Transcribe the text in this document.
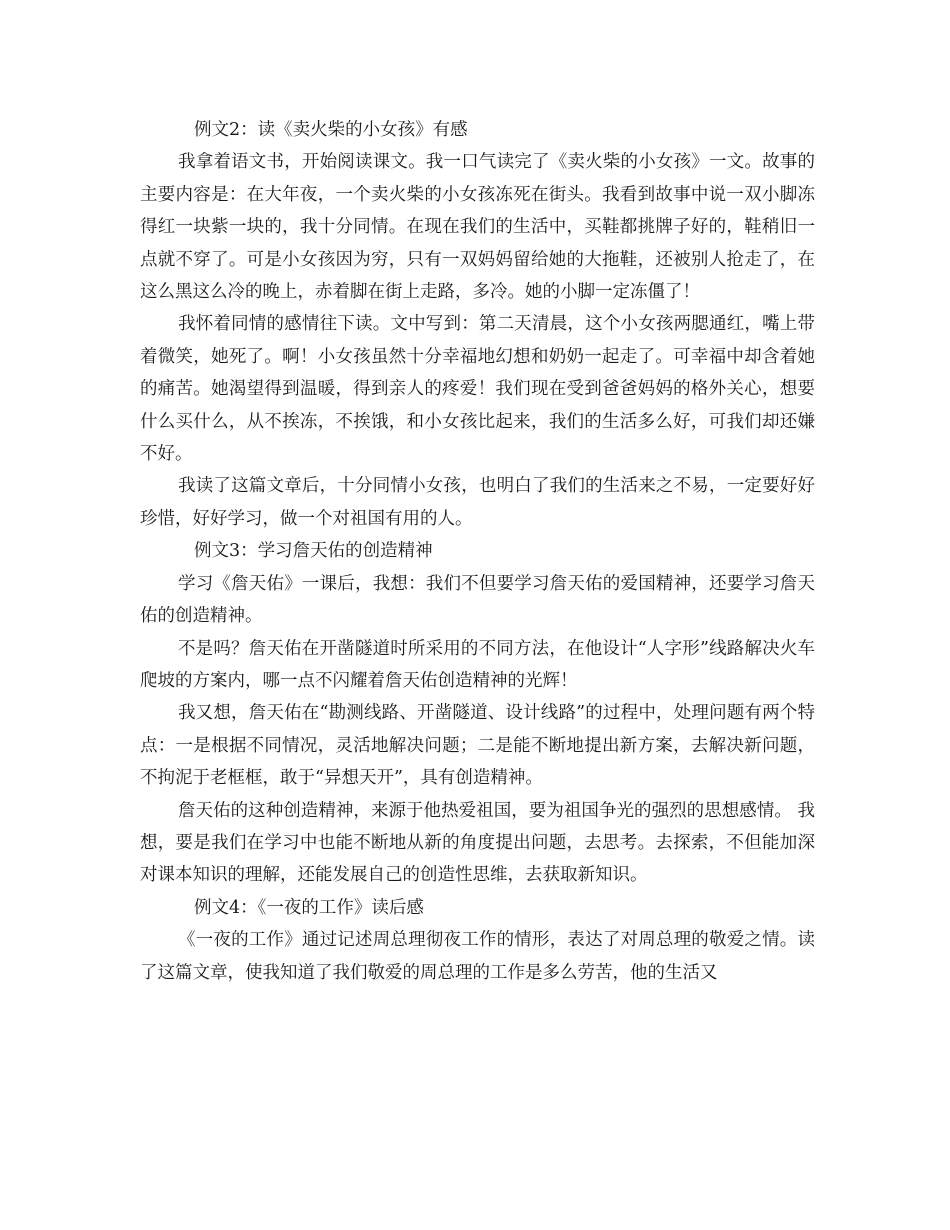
例文2：读《卖火柴的小女孩》有感

我拿着语文书，开始阅读课文。我一口气读完了《卖火柴的小女孩》一文。故事的主要内容是：在大年夜，一个卖火柴的小女孩冻死在街头。我看到故事中说一双小脚冻得红一块紫一块的，我十分同情。在现在我们的生活中，买鞋都挑牌子好的，鞋稍旧一点就不穿了。可是小女孩因为穷，只有一双妈妈留给她的大拖鞋，还被别人抢走了，在这么黑这么冷的晚上，赤着脚在街上走路，多冷。她的小脚一定冻僵了！

我怀着同情的感情往下读。文中写到：第二天清晨，这个小女孩两腮通红，嘴上带着微笑，她死了。啊！小女孩虽然十分幸福地幻想和奶奶一起走了。可幸福中却含着她的痛苦。她渴望得到温暖，得到亲人的疼爱！我们现在受到爸爸妈妈的格外关心，想要什么买什么，从不挨冻，不挨饿，和小女孩比起来，我们的生活多么好，可我们却还嫌不好。

我读了这篇文章后，十分同情小女孩，也明白了我们的生活来之不易，一定要好好珍惜，好好学习，做一个对祖国有用的人。

例文3：学习詹天佑的创造精神

学习《詹天佑》一课后，我想：我们不但要学习詹天佑的爱国精神，还要学习詹天佑的创造精神。

不是吗？詹天佑在开凿隧道时所采用的不同方法，在他设计“人字形”线路解决火车爬坡的方案内，哪一点不闪耀着詹天佑创造精神的光辉！

我又想，詹天佑在“勘测线路、开凿隧道、设计线路”的过程中，处理问题有两个特点：一是根据不同情况，灵活地解决问题；二是能不断地提出新方案，去解决新问题，不拘泥于老框框，敢于“异想天开”，具有创造精神。

詹天佑的这种创造精神，来源于他热爱祖国，要为祖国争光的强烈的思想感情。 我想，要是我们在学习中也能不断地从新的角度提出问题，去思考。去探索，不但能加深对课本知识的理解，还能发展自己的创造性思维，去获取新知识。

例文4：《一夜的工作》读后感

《一夜的工作》通过记述周总理彻夜工作的情形，表达了对周总理的敬爱之情。读了这篇文章，使我知道了我们敬爱的周总理的工作是多么劳苦，他的生活又
